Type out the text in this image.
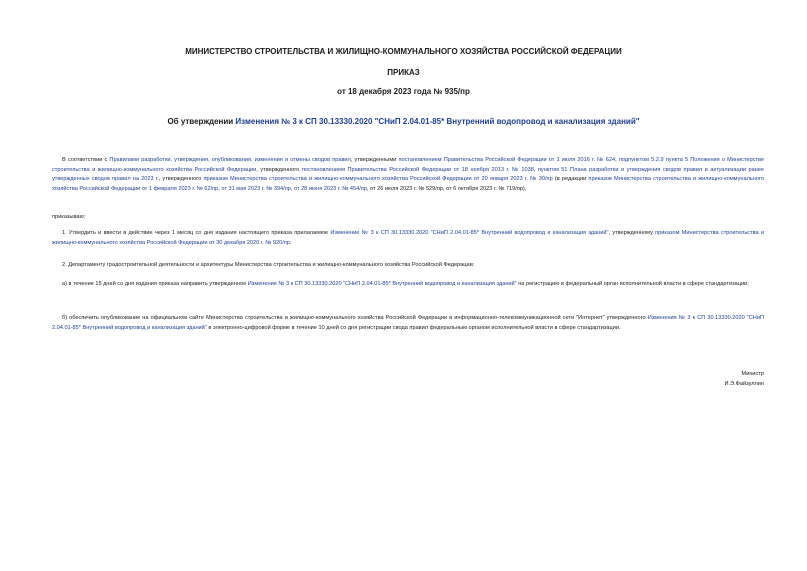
МИНИСТЕРСТВО СТРОИТЕЛЬСТВА И ЖИЛИЩНО-КОММУНАЛЬНОГО ХОЗЯЙСТВА РОССИЙСКОЙ ФЕДЕРАЦИИ

ПРИКАЗ

от 18 декабря 2023 года № 935/пр

Об утверждении Изменения № 3 к СП 30.13330.2020 "СНиП 2.04.01-85* Внутренний водопровод и канализация зданий"

В соответствии с Правилами разработки, утверждения, опубликования, изменения и отмены сводов правил, утвержденными постановлением Правительства Российской Федерации от 1 июля 2016 г. № 624, подпунктом 5.2.9 пункта 5 Положения о Министерстве строительства и жилищно-коммунального хозяйства Российской Федерации, утвержденного постановлением Правительства Российской Федерации от 18 ноября 2013 г. № 1038, пунктом 51 Плана разработки и утверждения сводов правил и актуализации ранее утвержденных сводов правил на 2023 г., утвержденного приказом Министерства строительства и жилищно-коммунального хозяйства Российской Федерации от 20 января 2023 г. № 30/пр (в редакции приказов Министерства строительства и жилищно-коммунального хозяйства Российской Федерации от 1 февраля 2023 г. № 62/пр, от 31 мая 2023 г. № 394/пр, от 28 июня 2023 г. № 454/пр, от 26 июля 2023 г. № 529/пр, от 6 октября 2023 г. № 719/пр),

приказываю:

1. Утвердить и ввести в действие через 1 месяц со дня издания настоящего приказа прилагаемое Изменение № 3 к СП 30.13330.2020 "СНиП 2.04.01-85* Внутренний водопровод и канализация зданий", утвержденному приказом Министерства строительства и жилищно-коммунального хозяйства Российской Федерации от 30 декабря 2020 г. № 920/пр.

2. Департаменту градостроительной деятельности и архитектуры Министерства строительства и жилищно-коммунального хозяйства Российской Федерации:

а) в течение 15 дней со дня издания приказа направить утвержденное Изменение № 3 к СП 30.13330.2020 "СНиП 2.04.01-85* Внутренний водопровод и канализация зданий" на регистрацию в федеральный орган исполнительной власти в сфере стандартизации;

б) обеспечить опубликование на официальном сайте Министерства строительства и жилищно-коммунального хозяйства Российской Федерации в информационно-телекоммуникационной сети "Интернет" утвержденного Изменения № 3 к СП 30.13330.2020 "СНиП 2.04.01-85* Внутренний водопровод и канализация зданий" в электронно-цифровой форме в течение 10 дней со дня регистрации свода правил федеральным органом исполнительной власти в сфере стандартизации.

Министр

И.Э.Файзуллин
